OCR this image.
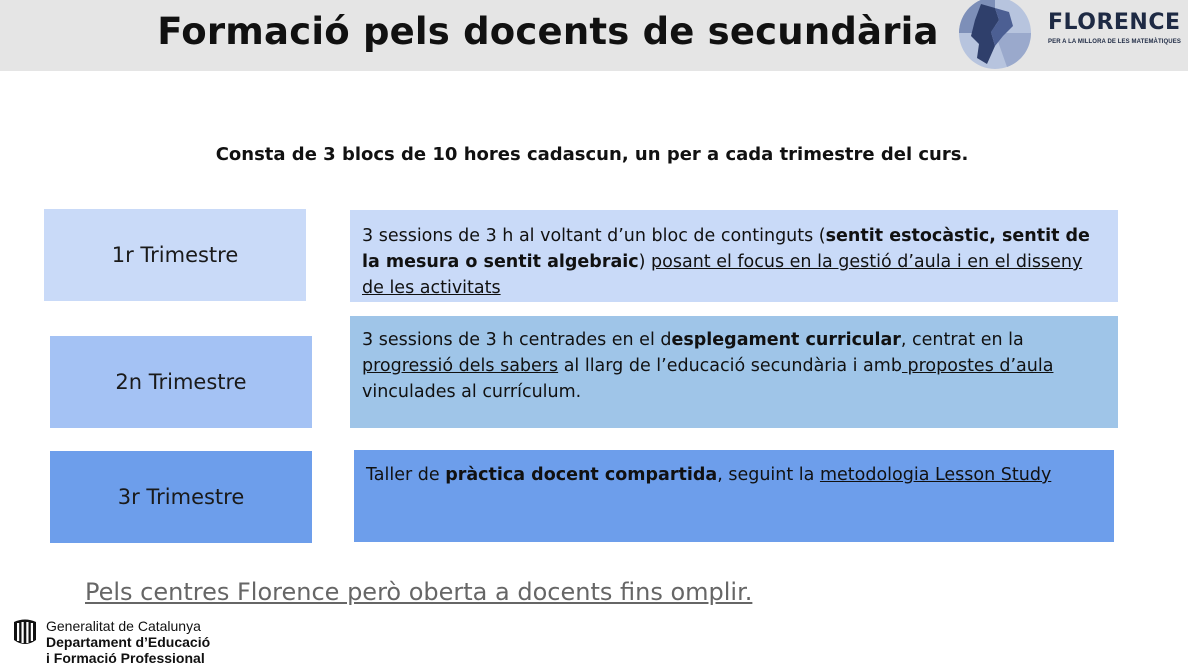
Formació pels docents de secundària	FLORENCE
PER A LA MILLORA DE LES MATEMÀTIQUES

Consta de 3 blocs de 10 hores cadascun, un per a cada trimestre del curs.

1r Trimestre
3 sessions de 3 h al voltant d’un bloc de continguts (sentit estocàstic, sentit de la mesura o sentit algebraic) posant el focus en la gestió d’aula i en el disseny de les activitats
2n Trimestre
3 sessions de 3 h centrades en el desplegament curricular, centrat en la progressió dels sabers al llarg de l’educació secundària i amb propostes d’aula vinculades al currículum.
3r Trimestre
Taller de pràctica docent compartida, seguint la metodologia Lesson Study

Pels centres Florence però oberta a docents fins omplir.

Generalitat de Catalunya
Departament d’Educació
i Formació Professional
